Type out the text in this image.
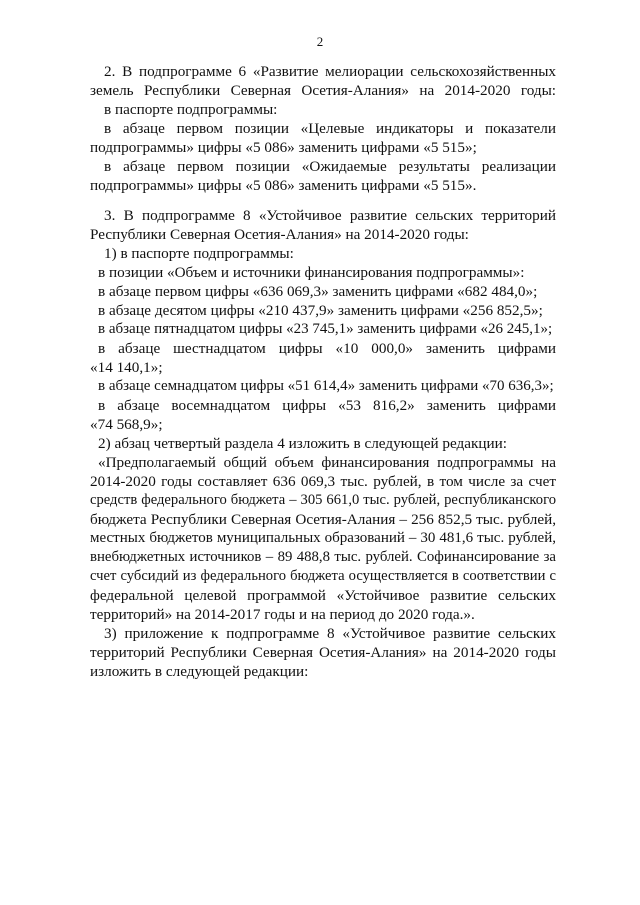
2
2. В подпрограмме 6 «Развитие мелиорации сельскохозяйственных
земель Республики Северная Осетия-Алания» на 2014-2020 годы:
в паспорте подпрограммы:
в абзаце первом позиции «Целевые индикаторы и показатели
подпрограммы» цифры «5 086» заменить цифрами «5 515»;
в абзаце первом позиции «Ожидаемые результаты реализации
подпрограммы» цифры «5 086» заменить цифрами «5 515».
3. В подпрограмме 8 «Устойчивое развитие сельских территорий
Республики Северная Осетия-Алания» на 2014-2020 годы:
1) в паспорте подпрограммы:
в позиции «Объем и источники финансирования подпрограммы»:
в абзаце первом цифры «636 069,3» заменить цифрами «682 484,0»;
в абзаце десятом цифры «210 437,9» заменить цифрами «256 852,5»;
в абзаце пятнадцатом цифры «23 745,1» заменить цифрами «26 245,1»;
в абзаце шестнадцатом цифры «10 000,0» заменить цифрами
«14 140,1»;
в абзаце семнадцатом цифры «51 614,4» заменить цифрами «70 636,3»;
в абзаце восемнадцатом цифры «53 816,2» заменить цифрами
«74 568,9»;
2) абзац четвертый раздела 4 изложить в следующей редакции:
«Предполагаемый общий объем финансирования подпрограммы на
2014-2020 годы составляет 636 069,3 тыс. рублей, в том числе за счет
средств федерального бюджета – 305 661,0 тыс. рублей, республиканского
бюджета Республики Северная Осетия-Алания – 256 852,5 тыс. рублей,
местных бюджетов муниципальных образований – 30 481,6 тыс. рублей,
внебюджетных источников – 89 488,8 тыс. рублей. Софинансирование за
счет субсидий из федерального бюджета осуществляется в соответствии с
федеральной целевой программой «Устойчивое развитие сельских
территорий» на 2014-2017 годы и на период до 2020 года.».
3) приложение к подпрограмме 8 «Устойчивое развитие сельских
территорий Республики Северная Осетия-Алания» на 2014-2020 годы
изложить в следующей редакции:
